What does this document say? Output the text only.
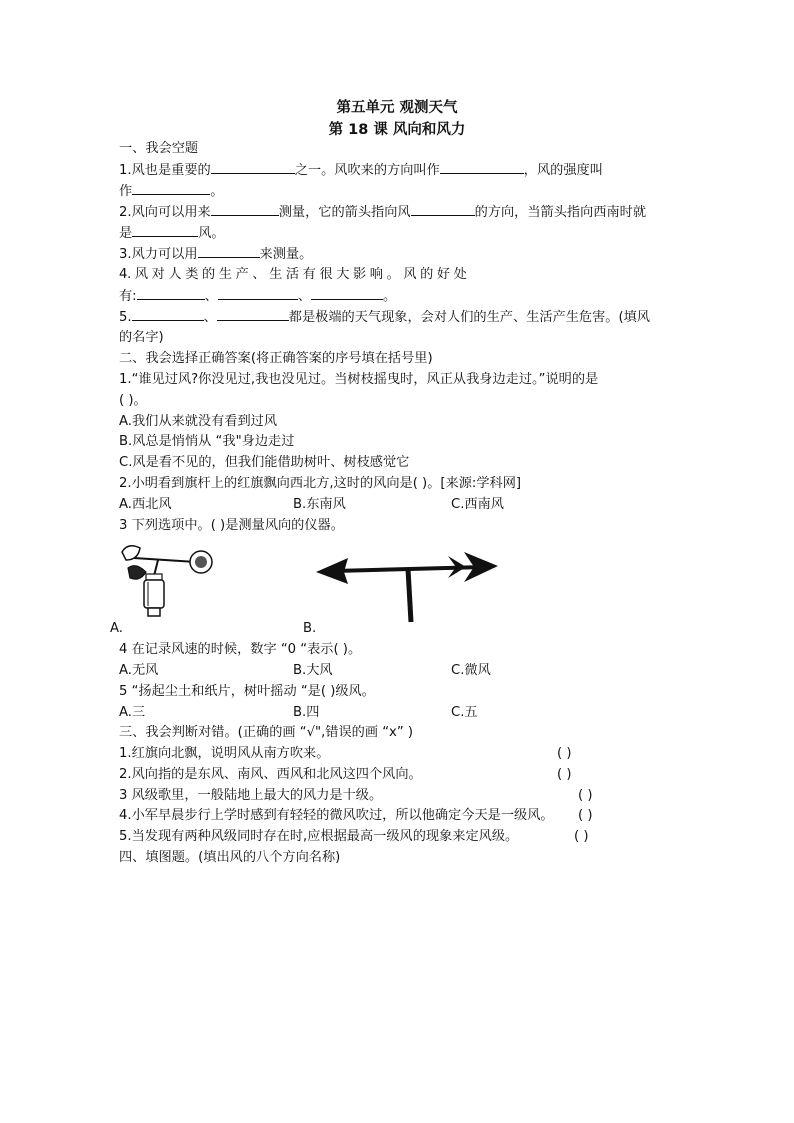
第五单元 观测天气
第 18 课 风向和风力
一、我会空题
1.风也是重要的	之一。风吹来的方向叫作	，风的强度叫
作	。
2.风向可以用来	测量，它的箭头指向风	的方向，当箭头指向西南时就
是	风。
3.风力可以用	来测量。
4. 风 对 人 类 的 生 产 、 生 活 有 很 大 影 响 。 风 的 好 处
有:	、	、	。
5.	、	都是极端的天气现象，会对人们的生产、生活产生危害。(填风
的名字)
二、我会选择正确答案(将正确答案的序号填在括号里)
1.“谁见过风?你没见过,我也没见过。当树枝摇曳时，风正从我身边走过。”说明的是
( )。
A.我们从来就没有看到过风
B.风总是悄悄从 “我"身边走过
C.风是看不见的，但我们能借助树叶、树枝感觉它
2.小明看到旗杆上的红旗飘向西北方,这时的风向是( )。[来源:学科网]
A.西北风	B.东南风	C.西南风
3 下列选项中。( )是测量风向的仪器。
A.	B.
4 在记录风速的时候，数字 “0 “表示( )。
A.无风	B.大风	C.微风
5 “扬起尘土和纸片，树叶摇动 “是( )级风。
A.三	B.四	C.五
三、我会判断对错。(正确的画 “√",错误的画 “x” )
1.红旗向北飘，说明风从南方吹来。	( )
2.风向指的是东风、南风、西风和北风这四个风向。	( )
3 风级歌里，一般陆地上最大的风力是十级。	( )
4.小军早晨步行上学时感到有轻轻的微风吹过，所以他确定今天是一级风。 ( )
5.当发现有两种风级同时存在时,应根据最高一级风的现象来定风级。	( )
四、填图题。(填出风的八个方向名称)
